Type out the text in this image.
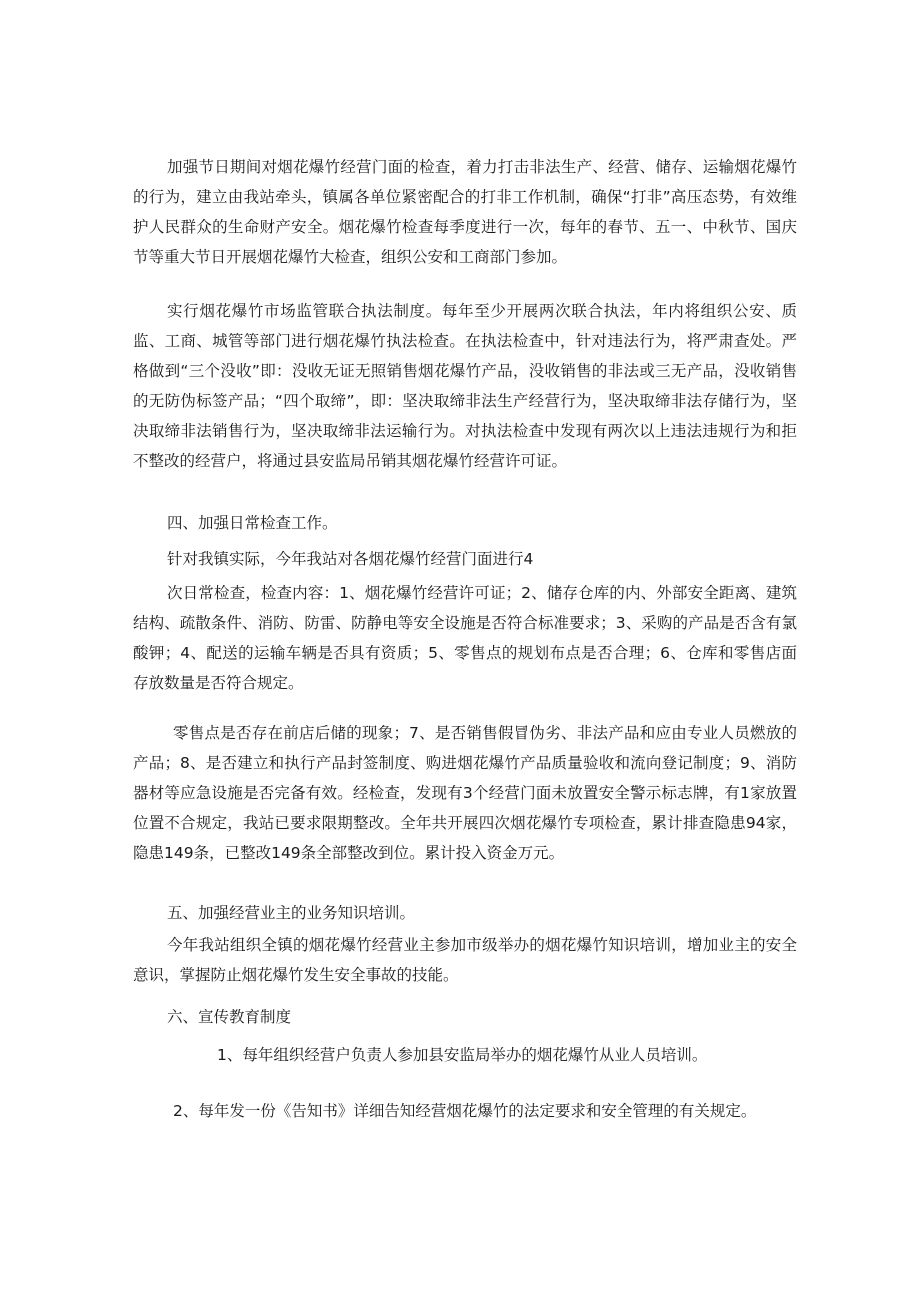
加强节日期间对烟花爆竹经营门面的检查，着力打击非法生产、经营、储存、运输烟花爆竹的行为，建立由我站牵头，镇属各单位紧密配合的打非工作机制，确保“打非”高压态势，有效维护人民群众的生命财产安全。烟花爆竹检查每季度进行一次，每年的春节、五一、中秋节、国庆节等重大节日开展烟花爆竹大检查，组织公安和工商部门参加。

实行烟花爆竹市场监管联合执法制度。每年至少开展两次联合执法，年内将组织公安、质监、工商、城管等部门进行烟花爆竹执法检查。在执法检查中，针对违法行为，将严肃查处。严格做到“三个没收”即：没收无证无照销售烟花爆竹产品，没收销售的非法或三无产品，没收销售的无防伪标签产品；“四个取缔”，即：坚决取缔非法生产经营行为，坚决取缔非法存储行为，坚决取缔非法销售行为，坚决取缔非法运输行为。对执法检查中发现有两次以上违法违规行为和拒不整改的经营户，将通过县安监局吊销其烟花爆竹经营许可证。

四、加强日常检查工作。

针对我镇实际，今年我站对各烟花爆竹经营门面进行4

次日常检查，检查内容：1、烟花爆竹经营许可证；2、储存仓库的内、外部安全距离、建筑结构、疏散条件、消防、防雷、防静电等安全设施是否符合标准要求；3、采购的产品是否含有氯酸钾；4、配送的运输车辆是否具有资质；5、零售点的规划布点是否合理；6、仓库和零售店面存放数量是否符合规定。

零售点是否存在前店后储的现象；7、是否销售假冒伪劣、非法产品和应由专业人员燃放的产品；8、是否建立和执行产品封签制度、购进烟花爆竹产品质量验收和流向登记制度；9、消防器材等应急设施是否完备有效。经检查，发现有3个经营门面未放置安全警示标志牌，有1家放置位置不合规定，我站已要求限期整改。全年共开展四次烟花爆竹专项检查，累计排查隐患94家，隐患149条，已整改149条全部整改到位。累计投入资金万元。

五、加强经营业主的业务知识培训。

今年我站组织全镇的烟花爆竹经营业主参加市级举办的烟花爆竹知识培训，增加业主的安全意识，掌握防止烟花爆竹发生安全事故的技能。

六、宣传教育制度

1、每年组织经营户负责人参加县安监局举办的烟花爆竹从业人员培训。

2、每年发一份《告知书》详细告知经营烟花爆竹的法定要求和安全管理的有关规定。
